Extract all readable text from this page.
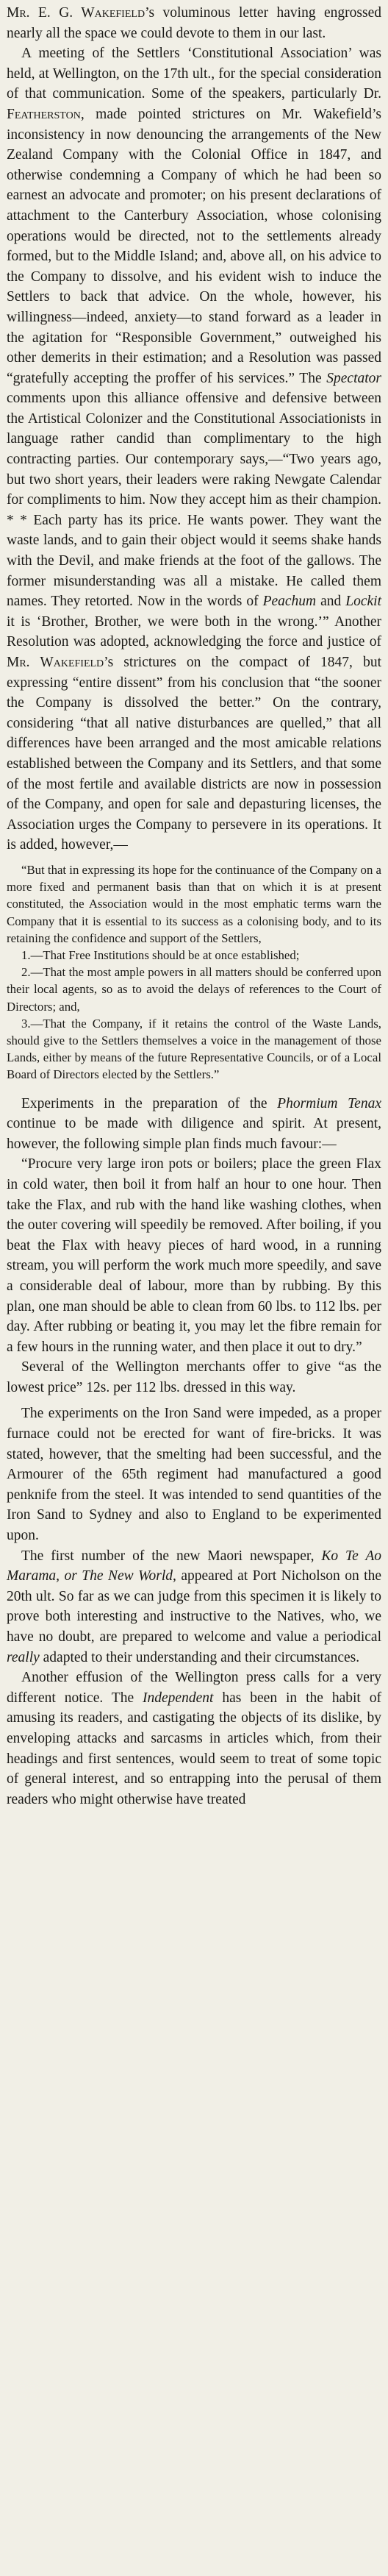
Mr. E. G. Wakefield’s voluminous letter having engrossed nearly all the space we could devote to them in our last.

A meeting of the Settlers ‘Constitutional Association’ was held, at Wellington, on the 17th ult., for the special consideration of that communication. Some of the speakers, particularly Dr. Featherston, made pointed strictures on Mr. Wakefield’s inconsistency in now denouncing the arrangements of the New Zealand Company with the Colonial Office in 1847, and otherwise condemning a Company of which he had been so earnest an advocate and promoter; on his present declarations of attachment to the Canterbury Association, whose colonising operations would be directed, not to the settlements already formed, but to the Middle Island; and, above all, on his advice to the Company to dissolve, and his evident wish to induce the Settlers to back that advice. On the whole, however, his willingness—indeed, anxiety—to stand forward as a leader in the agitation for “Responsible Government,” outweighed his other demerits in their estimation; and a Resolution was passed “gratefully accepting the proffer of his services.” The Spectator comments upon this alliance offensive and defensive between the Artistical Colonizer and the Constitutional Associationists in language rather candid than complimentary to the high contracting parties. Our contemporary says,—“Two years ago, but two short years, their leaders were raking Newgate Calendar for compliments to him. Now they accept him as their champion. * * Each party has its price. He wants power. They want the waste lands, and to gain their object would it seems shake hands with the Devil, and make friends at the foot of the gallows. The former misunderstanding was all a mistake. He called them names. They retorted. Now in the words of Peachum and Lockit it is ‘Brother, Brother, we were both in the wrong.’” Another Resolution was adopted, acknowledging the force and justice of Mr. Wakefield’s strictures on the compact of 1847, but expressing “entire dissent” from his conclusion that “the sooner the Company is dissolved the better.” On the contrary, considering “that all native disturbances are quelled,” that all differences have been arranged and the most amicable relations established between the Company and its Settlers, and that some of the most fertile and available districts are now in possession of the Company, and open for sale and depasturing licenses, the Association urges the Company to persevere in its operations. It is added, however,—

“But that in expressing its hope for the continuance of the Company on a more fixed and permanent basis than that on which it is at present constituted, the Association would in the most emphatic terms warn the Company that it is essential to its success as a colonising body, and to its retaining the confidence and support of the Settlers,

1.—That Free Institutions should be at once established;

2.—That the most ample powers in all matters should be conferred upon their local agents, so as to avoid the delays of references to the Court of Directors; and,

3.—That the Company, if it retains the control of the Waste Lands, should give to the Settlers themselves a voice in the management of those Lands, either by means of the future Representative Councils, or of a Local Board of Directors elected by the Settlers.”

Experiments in the preparation of the Phormium Tenax continue to be made with diligence and spirit. At present, however, the following simple plan finds much favour:—

“Procure very large iron pots or boilers; place the green Flax in cold water, then boil it from half an hour to one hour. Then take the Flax, and rub with the hand like washing clothes, when the outer covering will speedily be removed. After boiling, if you beat the Flax with heavy pieces of hard wood, in a running stream, you will perform the work much more speedily, and save a considerable deal of labour, more than by rubbing. By this plan, one man should be able to clean from 60 lbs. to 112 lbs. per day. After rubbing or beating it, you may let the fibre remain for a few hours in the running water, and then place it out to dry.”

Several of the Wellington merchants offer to give “as the lowest price” 12s. per 112 lbs. dressed in this way.

The experiments on the Iron Sand were impeded, as a proper furnace could not be erected for want of fire-bricks. It was stated, however, that the smelting had been successful, and the Armourer of the 65th regiment had manufactured a good penknife from the steel. It was intended to send quantities of the Iron Sand to Sydney and also to England to be experimented upon.

The first number of the new Maori newspaper, Ko Te Ao Marama, or The New World, appeared at Port Nicholson on the 20th ult. So far as we can judge from this specimen it is likely to prove both interesting and instructive to the Natives, who, we have no doubt, are prepared to welcome and value a periodical really adapted to their understanding and their circumstances.

Another effusion of the Wellington press calls for a very different notice. The Independent has been in the habit of amusing its readers, and castigating the objects of its dislike, by enveloping attacks and sarcasms in articles which, from their headings and first sentences, would seem to treat of some topic of general interest, and so entrapping into the perusal of them readers who might otherwise have treated
